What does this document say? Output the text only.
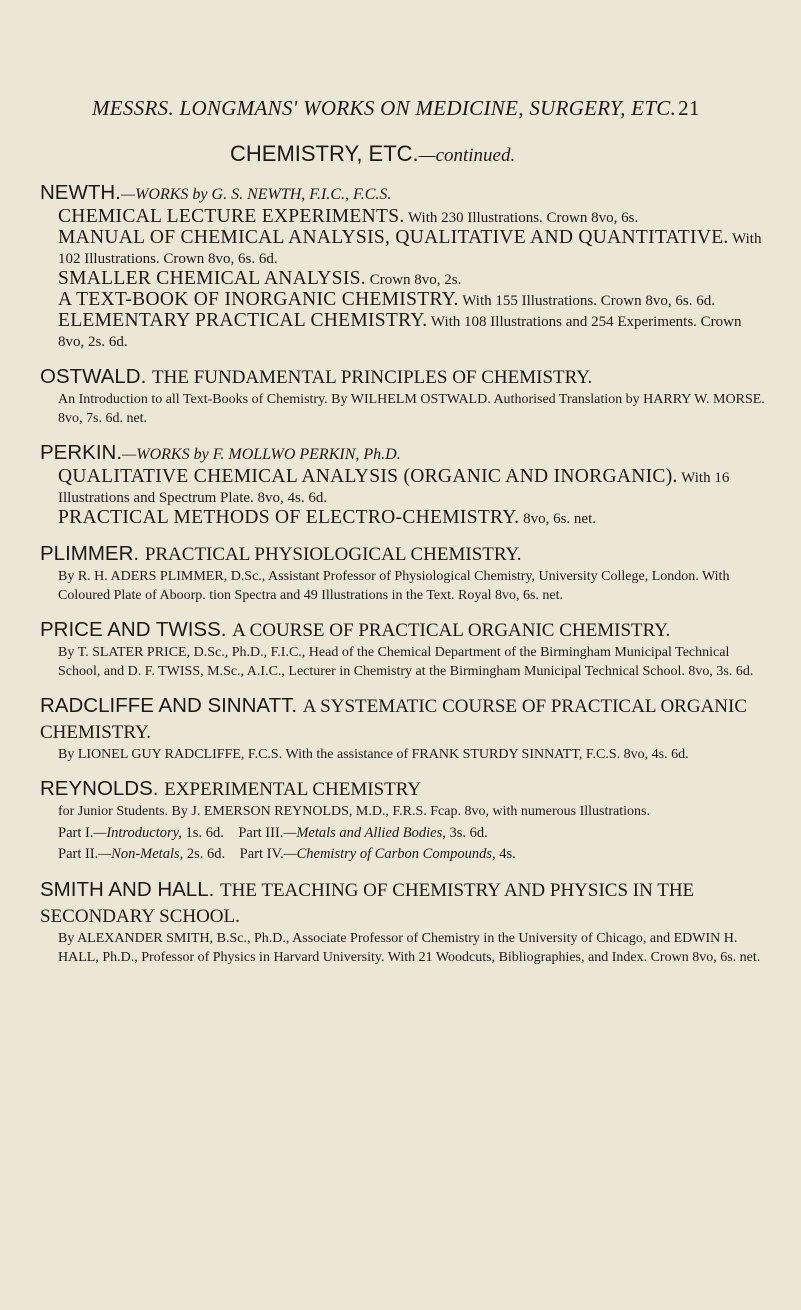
MESSRS. LONGMANS' WORKS ON MEDICINE, SURGERY, ETC.21
CHEMISTRY, ETC.—continued.

NEWTH.—WORKS by G. S. NEWTH, F.I.C., F.C.S.

CHEMICAL LECTURE EXPERIMENTS. With 230 Illustrations. Crown 8vo, 6s.

MANUAL OF CHEMICAL ANALYSIS, QUALITATIVE AND QUANTITATIVE. With 102 Illustrations. Crown 8vo, 6s. 6d.

SMALLER CHEMICAL ANALYSIS. Crown 8vo, 2s.

A TEXT-BOOK OF INORGANIC CHEMISTRY. With 155 Illustrations. Crown 8vo, 6s. 6d.

ELEMENTARY PRACTICAL CHEMISTRY. With 108 Illustrations and 254 Experiments. Crown 8vo, 2s. 6d.

OSTWALD. THE FUNDAMENTAL PRINCIPLES OF CHEMISTRY.

An Introduction to all Text-Books of Chemistry. By WILHELM OSTWALD. Authorised Translation by HARRY W. MORSE. 8vo, 7s. 6d. net.

PERKIN.—WORKS by F. MOLLWO PERKIN, Ph.D.

QUALITATIVE CHEMICAL ANALYSIS (ORGANIC AND INORGANIC). With 16 Illustrations and Spectrum Plate. 8vo, 4s. 6d.

PRACTICAL METHODS OF ELECTRO-CHEMISTRY. 8vo, 6s. net.

PLIMMER. PRACTICAL PHYSIOLOGICAL CHEMISTRY.

By R. H. ADERS PLIMMER, D.Sc., Assistant Professor of Physiological Chemistry, University College, London. With Coloured Plate of Aboorp. tion Spectra and 49 Illustrations in the Text. Royal 8vo, 6s. net.

PRICE AND TWISS. A COURSE OF PRACTICAL ORGANIC CHEMISTRY.

By T. SLATER PRICE, D.Sc., Ph.D., F.I.C., Head of the Chemical Department of the Birmingham Municipal Technical School, and D. F. TWISS, M.Sc., A.I.C., Lecturer in Chemistry at the Birmingham Municipal Technical School. 8vo, 3s. 6d.

RADCLIFFE AND SINNATT. A SYSTEMATIC COURSE OF PRACTICAL ORGANIC CHEMISTRY.

By LIONEL GUY RADCLIFFE, F.C.S. With the assistance of FRANK STURDY SINNATT, F.C.S. 8vo, 4s. 6d.

REYNOLDS. EXPERIMENTAL CHEMISTRY

for Junior Students. By J. EMERSON REYNOLDS, M.D., F.R.S. Fcap. 8vo, with numerous Illustrations.

Part I.—Introductory, 1s. 6d. Part III.—Metals and Allied Bodies, 3s. 6d.
Part II.—Non-Metals, 2s. 6d. Part IV.—Chemistry of Carbon Compounds, 4s.

SMITH AND HALL. THE TEACHING OF CHEMISTRY AND PHYSICS IN THE SECONDARY SCHOOL.

By ALEXANDER SMITH, B.Sc., Ph.D., Associate Professor of Chemistry in the University of Chicago, and EDWIN H. HALL, Ph.D., Professor of Physics in Harvard University. With 21 Woodcuts, Bibliographies, and Index. Crown 8vo, 6s. net.
